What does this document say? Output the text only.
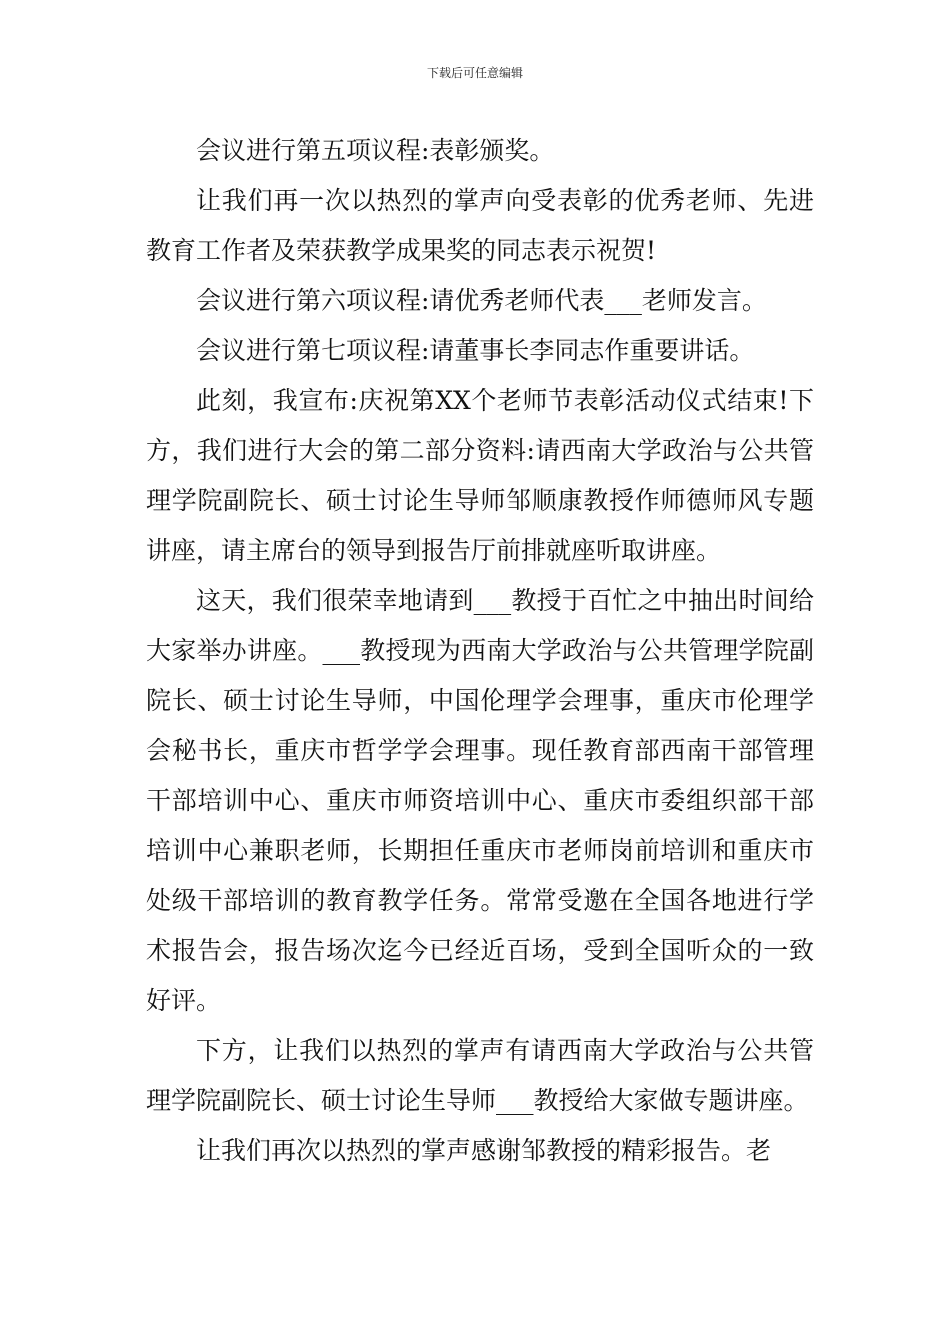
下载后可任意编辑

会议进行第五项议程:表彰颁奖。

让我们再一次以热烈的掌声向受表彰的优秀老师、先进教育工作者及荣获教学成果奖的同志表示祝贺!

会议进行第六项议程:请优秀老师代表___老师发言。

会议进行第七项议程:请董事长李同志作重要讲话。

此刻，我宣布:庆祝第XX个老师节表彰活动仪式结束!下方，我们进行大会的第二部分资料:请西南大学政治与公共管理学院副院长、硕士讨论生导师邹顺康教授作师德师风专题讲座，请主席台的领导到报告厅前排就座听取讲座。

这天，我们很荣幸地请到___教授于百忙之中抽出时间给大家举办讲座。___教授现为西南大学政治与公共管理学院副院长、硕士讨论生导师，中国伦理学会理事，重庆市伦理学会秘书长，重庆市哲学学会理事。现任教育部西南干部管理干部培训中心、重庆市师资培训中心、重庆市委组织部干部培训中心兼职老师，长期担任重庆市老师岗前培训和重庆市处级干部培训的教育教学任务。常常受邀在全国各地进行学术报告会，报告场次迄今已经近百场，受到全国听众的一致好评。

下方，让我们以热烈的掌声有请西南大学政治与公共管理学院副院长、硕士讨论生导师___教授给大家做专题讲座。

让我们再次以热烈的掌声感谢邹教授的精彩报告。老
